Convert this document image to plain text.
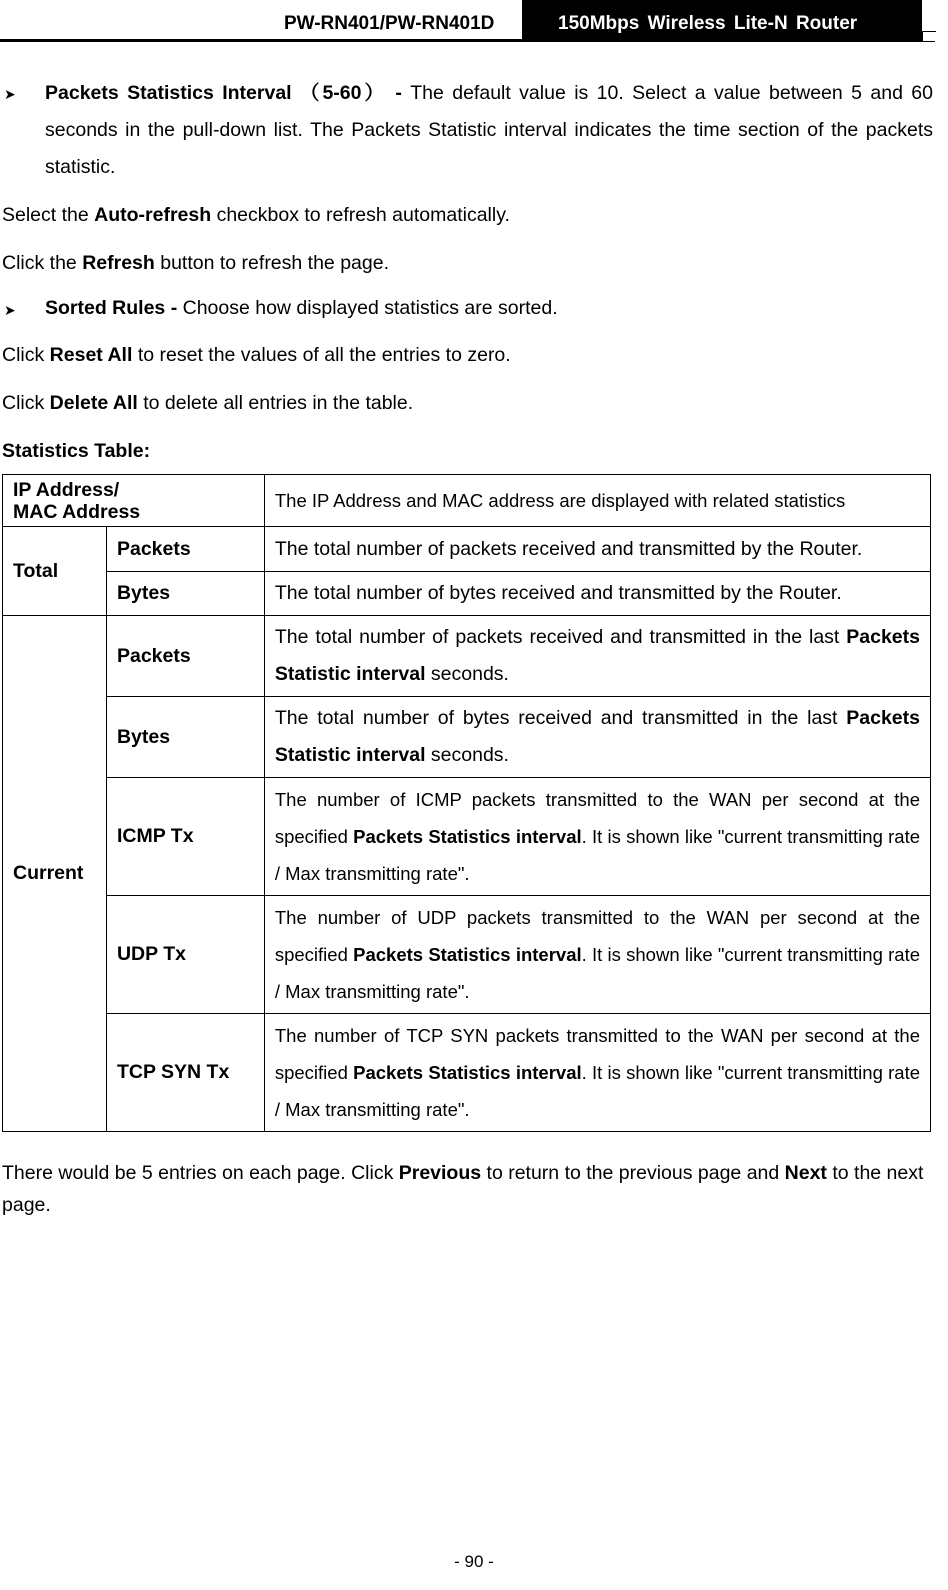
PW-RN401/PW-RN401D	150Mbps Wireless Lite-N Router
➤ Packets Statistics Interval （5-60） - The default value is 10. Select a value between 5 and 60 seconds in the pull-down list. The Packets Statistic interval indicates the time section of the packets statistic.

Select the Auto-refresh checkbox to refresh automatically.

Click the Refresh button to refresh the page.

➤ Sorted Rules - Choose how displayed statistics are sorted.

Click Reset All to reset the values of all the entries to zero.

Click Delete All to delete all entries in the table.

Statistics Table:

IP Address/
MAC Address		The IP Address and MAC address are displayed with related statistics
Total	Packets	The total number of packets received and transmitted by the Router.
	Bytes	The total number of bytes received and transmitted by the Router.
Current	Packets	The total number of packets received and transmitted in the last Packets Statistic interval seconds.
	Bytes	The total number of bytes received and transmitted in the last Packets Statistic interval seconds.
	ICMP Tx	The number of ICMP packets transmitted to the WAN per second at the specified Packets Statistics interval. It is shown like "current transmitting rate / Max transmitting rate".
	UDP Tx	The number of UDP packets transmitted to the WAN per second at the specified Packets Statistics interval. It is shown like "current transmitting rate / Max transmitting rate".
	TCP SYN Tx	The number of TCP SYN packets transmitted to the WAN per second at the specified Packets Statistics interval. It is shown like "current transmitting rate / Max transmitting rate".

There would be 5 entries on each page. Click Previous to return to the previous page and Next to the next page.

- 90 -
